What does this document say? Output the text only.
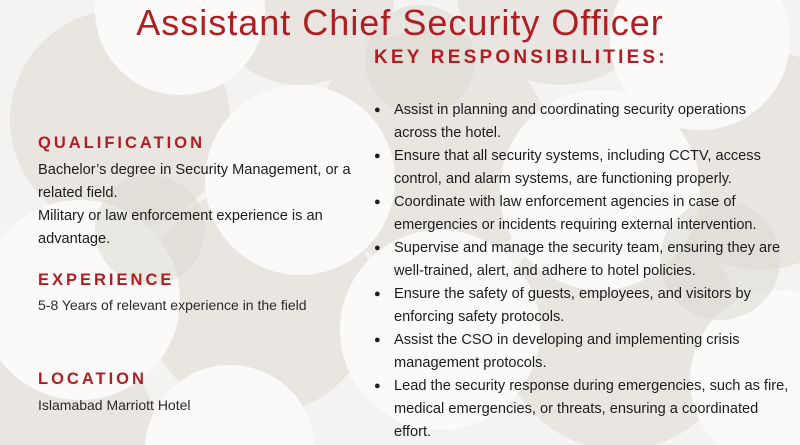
Assistant Chief Security Officer
KEY RESPONSIBILITIES:
● Assist in planning and coordinating security operations across the hotel.
● Ensure that all security systems, including CCTV, access control, and alarm systems, are functioning properly.
● Coordinate with law enforcement agencies in case of emergencies or incidents requiring external intervention.
● Supervise and manage the security team, ensuring they are well-trained, alert, and adhere to hotel policies.
● Ensure the safety of guests, employees, and visitors by enforcing safety protocols.
● Assist the CSO in developing and implementing crisis management protocols.
● Lead the security response during emergencies, such as fire, medical emergencies, or threats, ensuring a coordinated effort.
QUALIFICATION

Bachelor’s degree in Security Management, or a related field.

Military or law enforcement experience is an advantage.

EXPERIENCE

5-8 Years of relevant experience in the field

LOCATION

Islamabad Marriott Hotel
